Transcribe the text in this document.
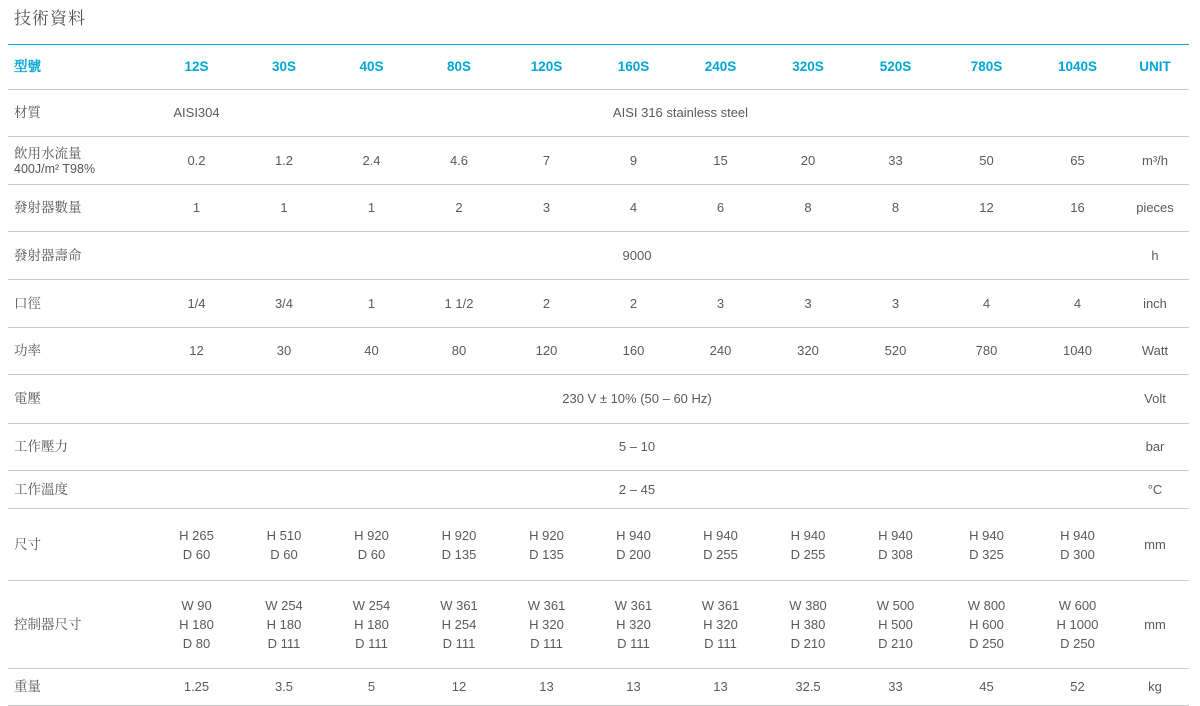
技術資料
型號	12S	30S	40S	80S	120S	160S	240S	320S	520S	780S	1040S	UNIT
材質	AISI304	AISI 316 stainless steel										

飲用水流量
400J/m² T98%	0.2	1.2	2.4	4.6	7	9	15	20	33	50	65	m³/h
發射器數量	1	1	1	2	3	4	6	8	8	12	16	pieces
發射器壽命	9000											h
口徑	1/4	3/4	1	1 1/2	2	2	3	3	3	4	4	inch
功率	12	30	40	80	120	160	240	320	520	780	1040	Watt
電壓	230 V ± 10% (50 – 60 Hz)											Volt
工作壓力	5 – 10											bar
工作溫度	2 – 45											°C
尺寸	H 265
D 60	H 510
D 60	H 920
D 60	H 920
D 135	H 920
D 135	H 940
D 200	H 940
D 255	H 940
D 255	H 940
D 308	H 940
D 325	H 940
D 300	mm
控制器尺寸	W 90
H 180
D 80	W 254
H 180
D 111	W 254
H 180
D 111	W 361
H 254
D 111	W 361
H 320
D 111	W 361
H 320
D 111	W 361
H 320
D 111	W 380
H 380
D 210	W 500
H 500
D 210	W 800
H 600
D 250	W 600
H 1000
D 250	mm
重量	1.25	3.5	5	12	13	13	13	32.5	33	45	52	kg
